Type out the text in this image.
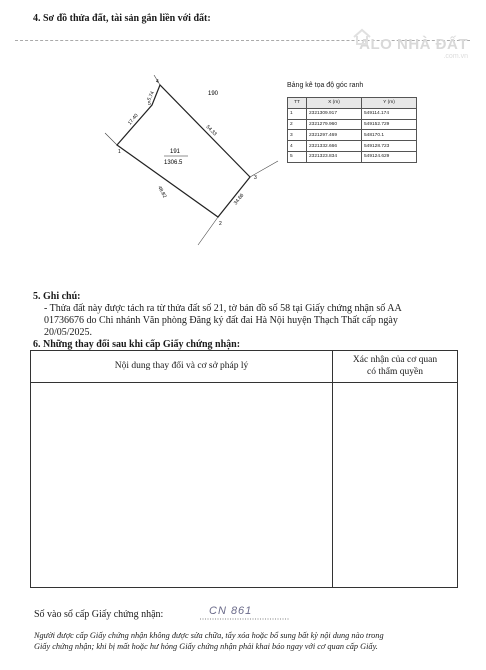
4. Sơ đồ thửa đất, tài sản gắn liền với đất:
ALO NHÀ ĐẤT
.com.vn
1
2
3
4
5
17.40
5.74
54.33
34.66
48.82
190
191
1306.5
Bảng kê tọa độ góc ranh
TT	X (m)	Y (m)
1	2321309.917	549114.174
2	2321279.960	549152.729
3	2321297.469	548170.1
4	2321332.666	549128.723
5	2321323.834	549124.629
5. Ghi chú:
- Thửa đất này được tách ra từ thửa đất số 21, tờ bản đồ số 58 tại Giấy chứng nhận số AA
01736676 do Chi nhánh Văn phòng Đăng ký đất đai Hà Nội huyện Thạch Thất cấp ngày
20/05/2025.
6. Những thay đổi sau khi cấp Giấy chứng nhận:
Nội dung thay đổi và cơ sở pháp lý
Xác nhận của cơ quan
có thẩm quyền
Số vào sổ cấp Giấy chứng nhận:	CN 861
Người được cấp Giấy chứng nhận không được sửa chữa, tẩy xóa hoặc bổ sung bất kỳ nội dung nào trong
Giấy chứng nhận; khi bị mất hoặc hư hỏng Giấy chứng nhận phải khai báo ngay với cơ quan cấp Giấy.
